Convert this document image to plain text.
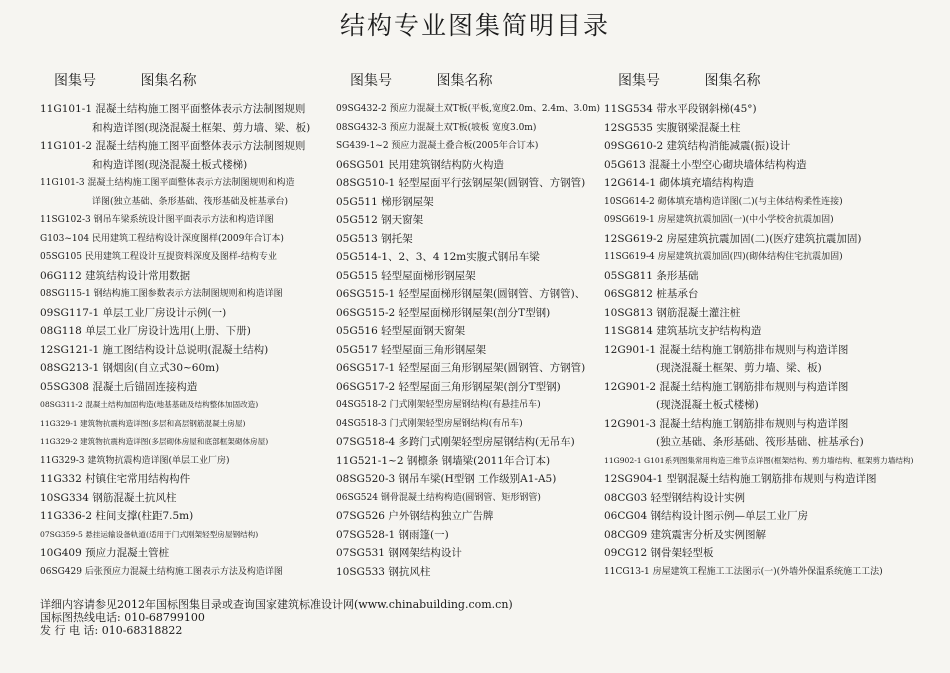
结构专业图集简明目录
图集号	图集名称
11G101-1 混凝土结构施工图平面整体表示方法制图规则
和构造详图(现浇混凝土框架、剪力墙、梁、板)
11G101-2 混凝土结构施工图平面整体表示方法制图规则
和构造详图(现浇混凝土板式楼梯)
11G101-3 混凝土结构施工图平面整体表示方法制图规则和构造
详图(独立基础、条形基础、筏形基础及桩基承台)
11SG102-3 钢吊车梁系统设计图平面表示方法和构造详图
G103~104 民用建筑工程结构设计深度图样(2009年合订本)
05SG105 民用建筑工程设计互提资料深度及图样-结构专业
06G112 建筑结构设计常用数据
08SG115-1 钢结构施工图参数表示方法制图规则和构造详图
09SG117-1 单层工业厂房设计示例(一)
08G118 单层工业厂房设计选用(上册、下册)
12SG121-1 施工图结构设计总说明(混凝土结构)
08SG213-1 钢烟囱(自立式30~60m)
05SG308 混凝土后锚固连接构造
08SG311-2 混凝土结构加固构造(地基基础及结构整体加固改造)
11G329-1 建筑物抗震构造详图(多层和高层钢筋混凝土房屋)
11G329-2 建筑物抗震构造详图(多层砌体房屋和底部框架砌体房屋)
11G329-3 建筑物抗震构造详图(单层工业厂房)
11G332 村镇住宅常用结构构件
10SG334 钢筋混凝土抗风柱
11G336-2 柱间支撑(柱距7.5m)
07SG359-5 悬挂运输设备轨道(适用于门式刚架轻型房屋钢结构)
10G409 预应力混凝土管桩
06SG429 后张预应力混凝土结构施工图表示方法及构造详图
图集号	图集名称
09SG432-2 预应力混凝土双T板(平板,宽度2.0m、2.4m、3.0m)
08SG432-3 预应力混凝土双T板(坡板 宽度3.0m)
SG439-1~2 预应力混凝土叠合板(2005年合订本)
06SG501 民用建筑钢结构防火构造
08SG510-1 轻型屋面平行弦钢屋架(圆钢管、方钢管)
05G511 梯形钢屋架
05G512 钢天窗架
05G513 钢托架
05G514-1、2、3、4 12m实腹式钢吊车梁
05G515 轻型屋面梯形钢屋架
06SG515-1 轻型屋面梯形钢屋架(圆钢管、方钢管)、
06SG515-2 轻型屋面梯形钢屋架(剖分T型钢)
05G516 轻型屋面钢天窗架
05G517 轻型屋面三角形钢屋架
06SG517-1 轻型屋面三角形钢屋架(圆钢管、方钢管)
06SG517-2 轻型屋面三角形钢屋架(剖分T型钢)
04SG518-2 门式刚架轻型房屋钢结构(有悬挂吊车)
04SG518-3 门式刚架轻型房屋钢结构(有吊车)
07SG518-4 多跨门式刚架轻型房屋钢结构(无吊车)
11G521-1~2 钢檩条 钢墙梁(2011年合订本)
08SG520-3 钢吊车梁(H型钢 工作级别A1-A5)
06SG524 钢骨混凝土结构构造(圆钢管、矩形钢管)
07SG526 户外钢结构独立广告牌
07SG528-1 钢雨篷(一)
07SG531 钢网架结构设计
10SG533 钢抗风柱
图集号	图集名称
11SG534 带水平段钢斜梯(45°)
12SG535 实腹钢梁混凝土柱
09SG610-2 建筑结构消能减震(振)设计
05G613 混凝土小型空心砌块墙体结构构造
12G614-1 砌体填充墙结构构造
10SG614-2 砌体填充墙构造详图(二)(与主体结构柔性连接)
09SG619-1 房屋建筑抗震加固(一)(中小学校舍抗震加固)
12SG619-2 房屋建筑抗震加固(二)(医疗建筑抗震加固)
11SG619-4 房屋建筑抗震加固(四)(砌体结构住宅抗震加固)
05SG811 条形基础
06SG812 桩基承台
10SG813 钢筋混凝土灌注桩
11SG814 建筑基坑支护结构构造
12G901-1 混凝土结构施工钢筋排布规则与构造详图
(现浇混凝土框架、剪力墙、梁、板)
12G901-2 混凝土结构施工钢筋排布规则与构造详图
(现浇混凝土板式楼梯)
12G901-3 混凝土结构施工钢筋排布规则与构造详图
(独立基础、条形基础、筏形基础、桩基承台)
11G902-1 G101系列图集常用构造三维节点详图(框架结构、剪力墙结构、框架剪力墙结构)
12SG904-1 型钢混凝土结构施工钢筋排布规则与构造详图
08CG03 轻型钢结构设计实例
06CG04 钢结构设计图示例—单层工业厂房
08CG09 建筑震害分析及实例图解
09CG12 钢骨架轻型板
11CG13-1 房屋建筑工程施工工法图示(一)(外墙外保温系统施工工法)
详细内容请参见2012年国标图集目录或查询国家建筑标准设计网(www.chinabuilding.com.cn)
国标图热线电话: 010-68799100
发 行 电 话: 010-68318822
